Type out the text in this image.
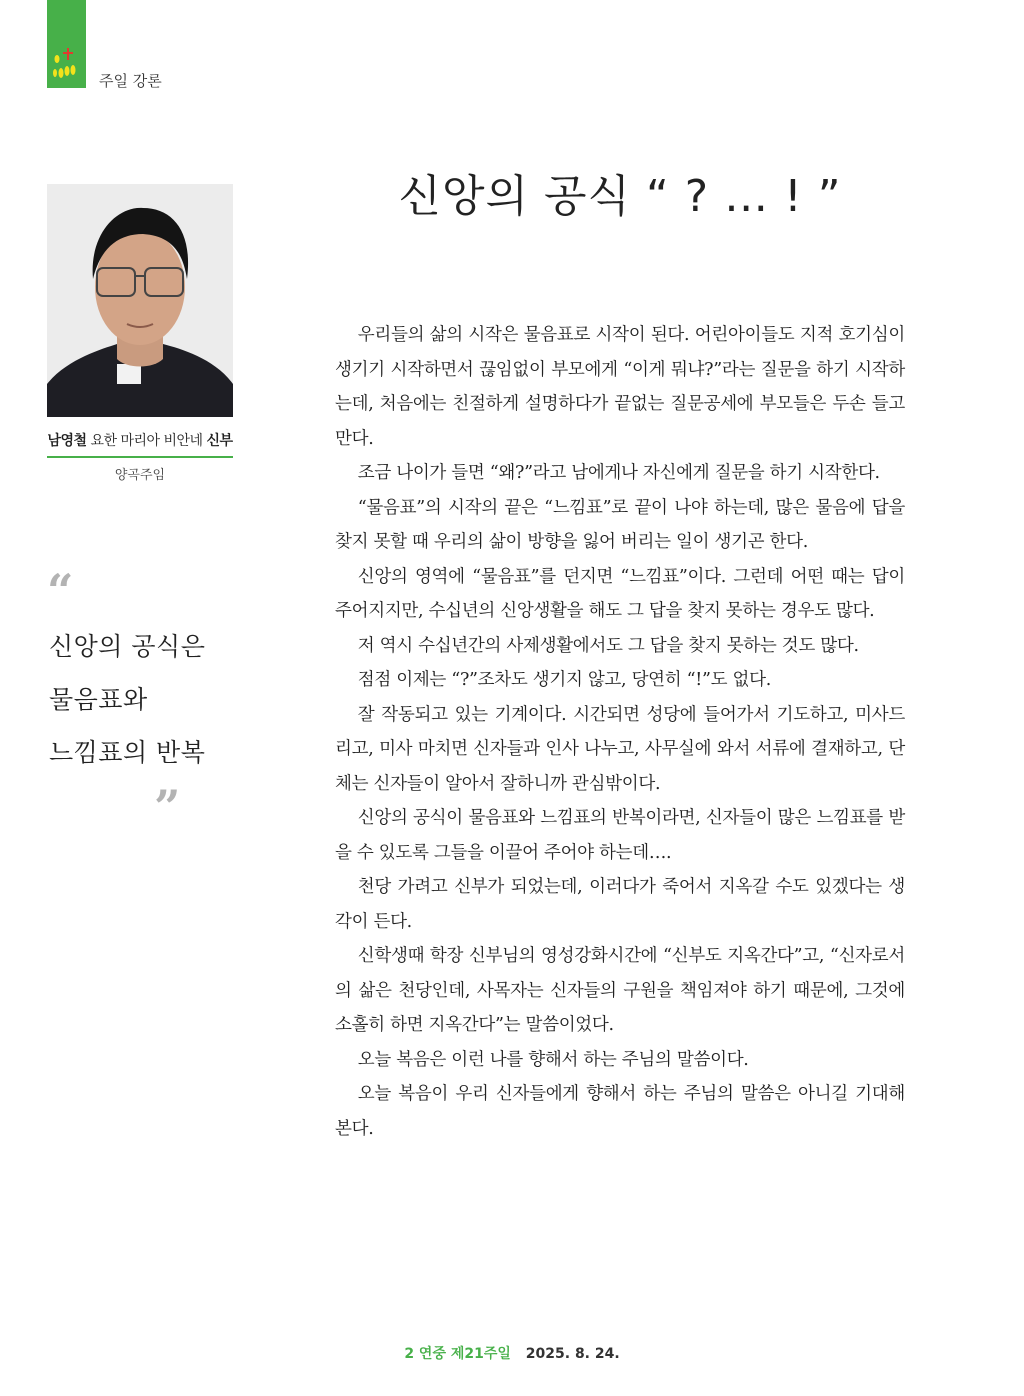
주일 강론
신앙의 공식 “ ? … ! ”

남영철 요한 마리아 비안네 신부

양곡주임

“

신앙의 공식은
물음표와
느낌표의 반복

”

우리들의 삶의 시작은 물음표로 시작이 된다. 어린아이들도 지적 호기심이 생기기 시작하면서 끊임없이 부모에게 “이게 뭐냐?”라는 질문을 하기 시작하는데, 처음에는 친절하게 설명하다가 끝없는 질문공세에 부모들은 두손 들고 만다.

조금 나이가 들면 “왜?”라고 남에게나 자신에게 질문을 하기 시작한다.

“물음표”의 시작의 끝은 “느낌표”로 끝이 나야 하는데, 많은 물음에 답을 찾지 못할 때 우리의 삶이 방향을 잃어 버리는 일이 생기곤 한다.

신앙의 영역에 “물음표”를 던지면 “느낌표”이다. 그런데 어떤 때는 답이 주어지지만, 수십년의 신앙생활을 해도 그 답을 찾지 못하는 경우도 많다.

저 역시 수십년간의 사제생활에서도 그 답을 찾지 못하는 것도 많다.

점점 이제는 “?”조차도 생기지 않고, 당연히 “!”도 없다.

잘 작동되고 있는 기계이다. 시간되면 성당에 들어가서 기도하고, 미사드리고, 미사 마치면 신자들과 인사 나누고, 사무실에 와서 서류에 결재하고, 단체는 신자들이 알아서 잘하니까 관심밖이다.

신앙의 공식이 물음표와 느낌표의 반복이라면, 신자들이 많은 느낌표를 받을 수 있도록 그들을 이끌어 주어야 하는데….

천당 가려고 신부가 되었는데, 이러다가 죽어서 지옥갈 수도 있겠다는 생각이 든다.

신학생때 학장 신부님의 영성강화시간에 “신부도 지옥간다”고, “신자로서의 삶은 천당인데, 사목자는 신자들의 구원을 책임져야 하기 때문에, 그것에 소홀히 하면 지옥간다”는 말씀이었다.

오늘 복음은 이런 나를 향해서 하는 주님의 말씀이다.

오늘 복음이 우리 신자들에게 향해서 하는 주님의 말씀은 아니길 기대해 본다.

2 연중 제21주일 2025. 8. 24.
